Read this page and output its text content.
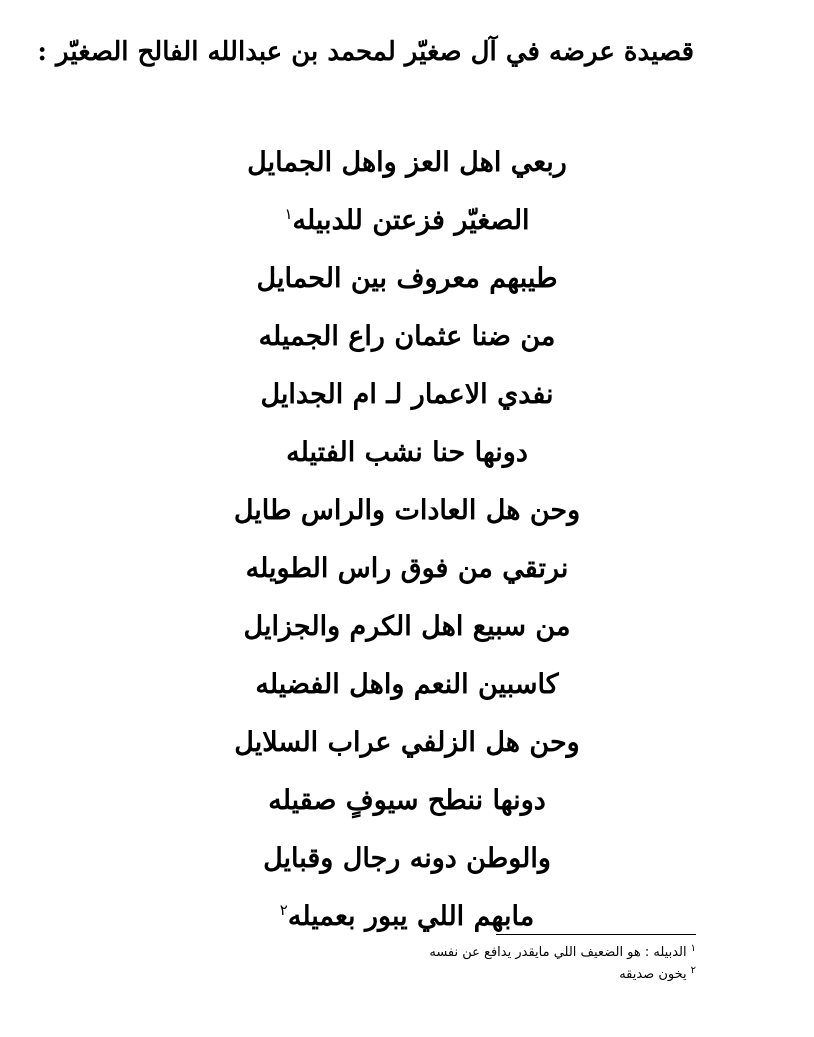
قصيدة عرضه في آل صغيّر لمحمد بن عبدالله الفالح الصغيّر :
ربعي اهل العز واهل الجمايل
الصغيّر فزعتن للدبيله$^١$
طيبهم معروف بين الحمايل
من ضنا عثمان راع الجميله
نفدي الاعمار لـ ام الجدايل
دونها حنا نشب الفتيله
وحن هل العادات والراس طايل
نرتقي من فوق راس الطويله
من سبيع اهل الكرم والجزايل
كاسبين النعم واهل الفضيله
وحن هل الزلفي عراب السلايل
دونها ننطح سيوفٍ صقيله
والوطن دونه رجال وقبايل
مابهم اللي يبور بعميله$^٢$
$^١$الدبيله : هو الضعيف اللي مايقدر يدافع عن نفسه
$^٢$يخون صديقه
